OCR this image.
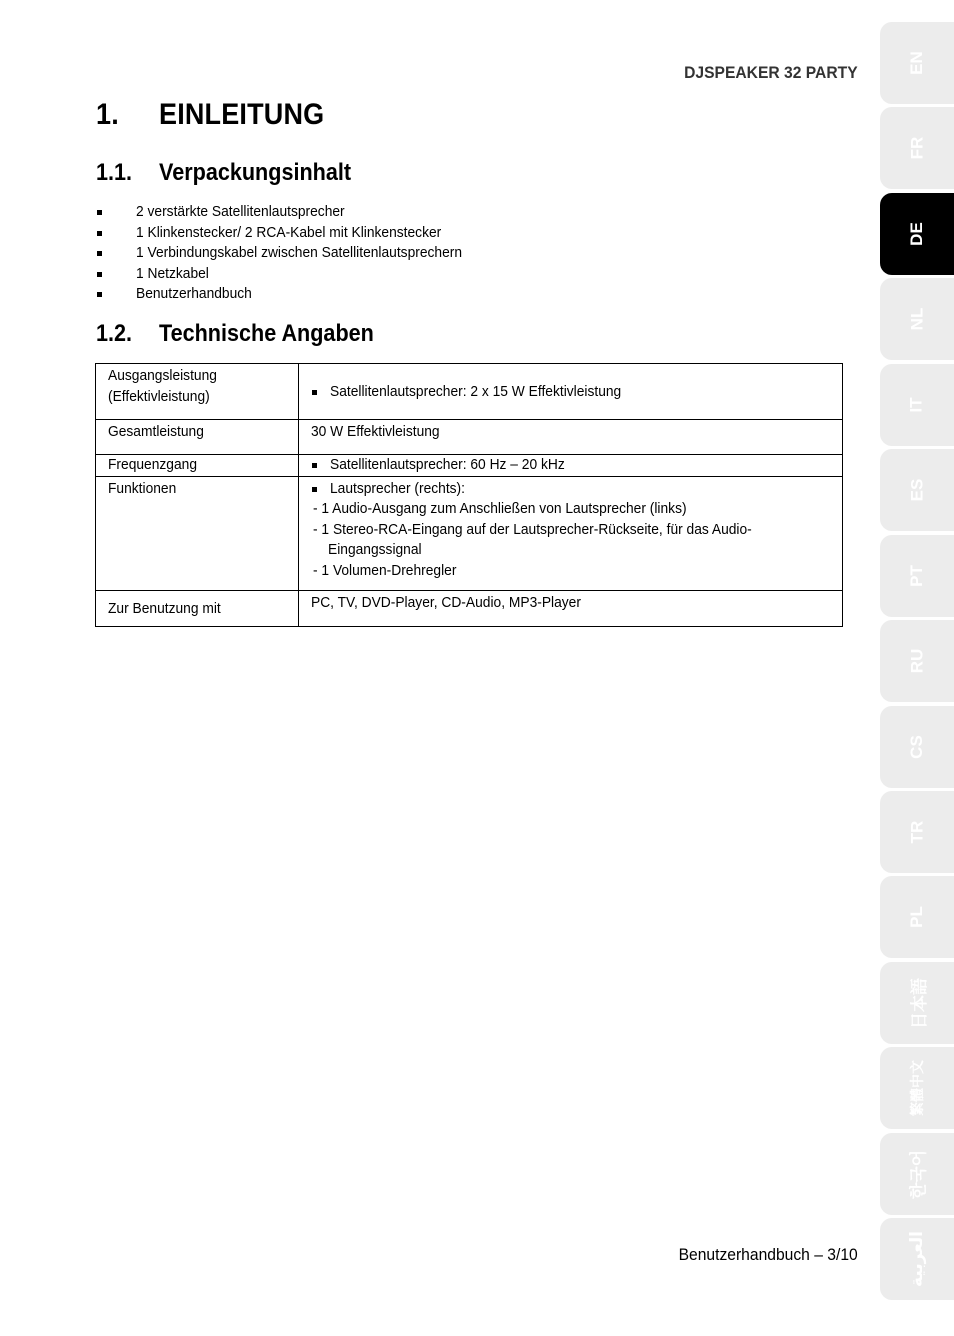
DJSPEAKER 32 PARTY
1. EINLEITUNG
1.1. Verpackungsinhalt
2 verstärkte Satellitenlautsprecher
1 Klinkenstecker/ 2 RCA-Kabel mit Klinkenstecker
1 Verbindungskabel zwischen Satellitenlautsprechern
1 Netzkabel
Benutzerhandbuch
1.2. Technische Angaben
Ausgangsleistung
(Effektivleistung)	Satellitenlautsprecher: 2 x 15 W Effektivleistung

Gesamtleistung	30 W Effektivleistung
Frequenzgang	Satellitenlautsprecher: 60 Hz – 20 kHz

Funktionen	Lautsprecher (rechts):
- 1 Audio-Ausgang zum Anschließen von Lautsprecher (links)
- 1 Stereo-RCA-Eingang auf der Lautsprecher-Rückseite, für das Audio-
Eingangssignal
- 1 Volumen-Drehregler

Zur Benutzung mit	PC, TV, DVD-Player, CD-Audio, MP3-Player
Benutzerhandbuch – 3/10
EN
FR
DE
NL
IT
ES
PT
RU
CS
TR
PL
日本語
繁體中文
한국어
العربية
